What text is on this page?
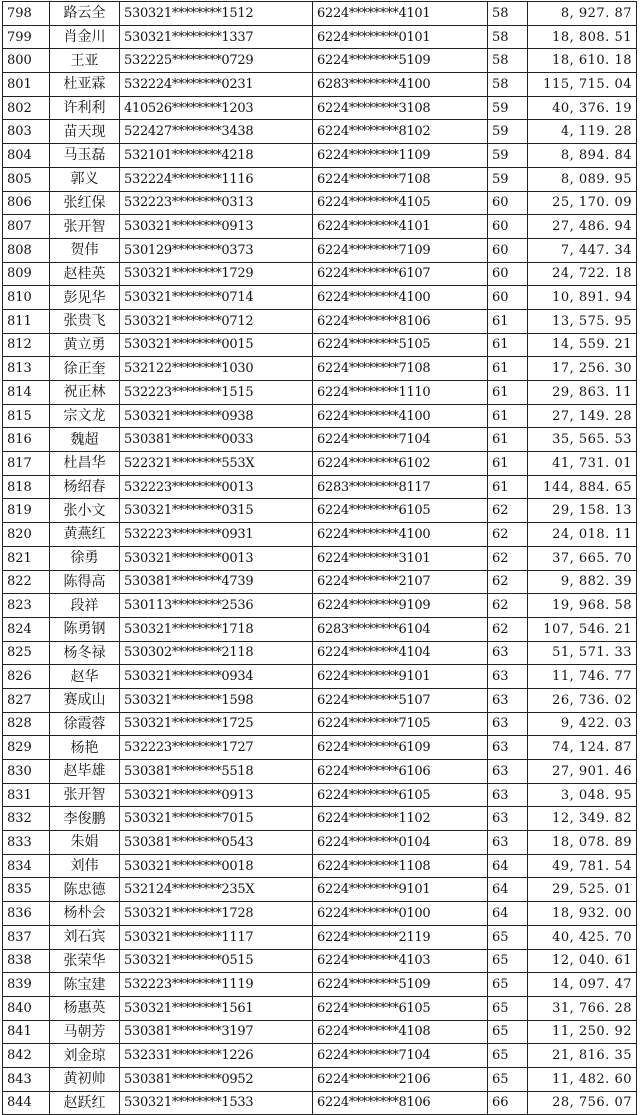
798	路云全	530321********1512	6224********4101	58	8, 927. 87
799	肖金川	530321********1337	6224********0101	58	18, 808. 51
800	王亚	532225********0729	6224********5109	58	18, 610. 18
801	杜亚霖	532224********0231	6283********4100	58	115, 715. 04
802	许利利	410526********1203	6224********3108	59	40, 376. 19
803	苗天现	522427********3438	6224********8102	59	4, 119. 28
804	马玉磊	532101********4218	6224********1109	59	8, 894. 84
805	郭义	532224********1116	6224********7108	59	8, 089. 95
806	张红保	532223********0313	6224********4105	60	25, 170. 09
807	张开智	530321********0913	6224********4101	60	27, 486. 94
808	贺伟	530129********0373	6224********7109	60	7, 447. 34
809	赵桂英	530321********1729	6224********6107	60	24, 722. 18
810	彭见华	530321********0714	6224********4100	60	10, 891. 94
811	张贵飞	530321********0712	6224********8106	61	13, 575. 95
812	黄立勇	530321********0015	6224********5105	61	14, 559. 21
813	徐正奎	532122********1030	6224********7108	61	17, 256. 30
814	祝正林	532223********1515	6224********1110	61	29, 863. 11
815	宗文龙	530321********0938	6224********4100	61	27, 149. 28
816	魏超	530381********0033	6224********7104	61	35, 565. 53
817	杜昌华	522321********553X	6224********6102	61	41, 731. 01
818	杨绍春	532223********0013	6283********8117	61	144, 884. 65
819	张小文	530321********0315	6224********6105	62	29, 158. 13
820	黄燕红	532223********0931	6224********4100	62	24, 018. 11
821	徐勇	530321********0013	6224********3101	62	37, 665. 70
822	陈得高	530381********4739	6224********2107	62	9, 882. 39
823	段祥	530113********2536	6224********9109	62	19, 968. 58
824	陈勇钢	530321********1718	6283********6104	62	107, 546. 21
825	杨冬禄	530302********2118	6224********4104	63	51, 571. 33
826	赵华	530321********0934	6224********9101	63	11, 746. 77
827	赛成山	530321********1598	6224********5107	63	26, 736. 02
828	徐霞蓉	530321********1725	6224********7105	63	9, 422. 03
829	杨艳	532223********1727	6224********6109	63	74, 124. 87
830	赵毕雄	530381********5518	6224********6106	63	27, 901. 46
831	张开智	530321********0913	6224********6105	63	3, 048. 95
832	李俊鹏	530321********7015	6224********1102	63	12, 349. 82
833	朱娟	530381********0543	6224********0104	63	18, 078. 89
834	刘伟	530321********0018	6224********1108	64	49, 781. 54
835	陈忠德	532124********235X	6224********9101	64	29, 525. 01
836	杨朴会	530321********1728	6224********0100	64	18, 932. 00
837	刘石宾	530321********1117	6224********2119	65	40, 425. 70
838	张荣华	530321********0515	6224********4103	65	12, 040. 61
839	陈宝建	532223********1119	6224********5109	65	14, 097. 47
840	杨惠英	530321********1561	6224********6105	65	31, 766. 28
841	马朝芳	530381********3197	6224********4108	65	11, 250. 92
842	刘金琼	532331********1226	6224********7104	65	21, 816. 35
843	黄初帅	530381********0952	6224********2106	65	11, 482. 60
844	赵跃红	530321********1533	6224********8106	66	28, 756. 07
